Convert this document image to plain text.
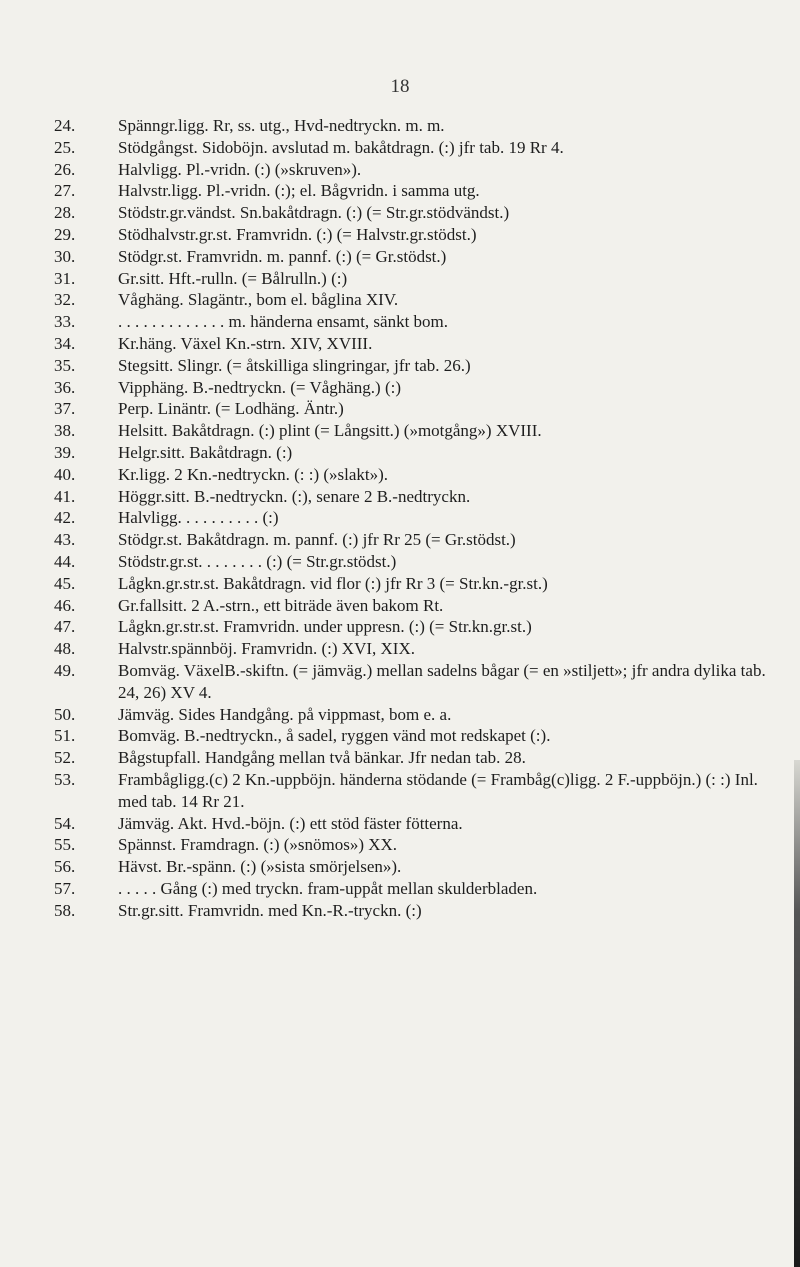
18
24.	Spänngr.ligg. Rr, ss. utg., Hvd-nedtryckn. m. m.
25.	Stödgångst. Sidoböjn. avslutad m. bakåtdragn. (:) jfr tab. 19 Rr 4.
26.	Halvligg. Pl.-vridn. (:) (»skruven»).
27.	Halvstr.ligg. Pl.-vridn. (:); el. Bågvridn. i samma utg.
28.	Stödstr.gr.vändst. Sn.bakåtdragn. (:) (= Str.gr.stödvändst.)
29.	Stödhalvstr.gr.st. Framvridn. (:) (= Halvstr.gr.stödst.)
30.	Stödgr.st. Framvridn. m. pannf. (:) (= Gr.stödst.)
31.	Gr.sitt. Hft.-rulln. (= Bålrulln.) (:)
32.	Våghäng. Slagäntr., bom el. båglina XIV.
33.	. . . . . . . . . . . . . m. händerna ensamt, sänkt bom.
34.	Kr.häng. Växel Kn.-strn. XIV, XVIII.
35.	Stegsitt. Slingr. (= åtskilliga slingringar, jfr tab. 26.)
36.	Vipphäng. B.-nedtryckn. (= Våghäng.) (:)
37.	Perp. Linäntr. (= Lodhäng. Äntr.)
38.	Helsitt. Bakåtdragn. (:) plint (= Långsitt.) (»motgång») XVIII.
39.	Helgr.sitt. Bakåtdragn. (:)
40.	Kr.ligg. 2 Kn.-nedtryckn. (: :) (»slakt»).
41.	Höggr.sitt. B.-nedtryckn. (:), senare 2 B.-nedtryckn.
42.	Halvligg. . . . . . . . . . (:)
43.	Stödgr.st. Bakåtdragn. m. pannf. (:) jfr Rr 25 (= Gr.stödst.)
44.	Stödstr.gr.st. . . . . . . . (:) (= Str.gr.stödst.)
45.	Lågkn.gr.str.st. Bakåtdragn. vid flor (:) jfr Rr 3 (= Str.kn.-gr.st.)
46.	Gr.fallsitt. 2 A.-strn., ett biträde även bakom Rt.
47.	Lågkn.gr.str.st. Framvridn. under uppresn. (:) (= Str.kn.gr.st.)
48.	Halvstr.spännböj. Framvridn. (:) XVI, XIX.
49.	Bomväg. VäxelB.-skiftn. (= jämväg.) mellan sadelns bågar (= en »stiljett»; jfr andra dylika tab. 24, 26) XV 4.
50.	Jämväg. Sides Handgång. på vippmast, bom e. a.
51.	Bomväg. B.-nedtryckn., å sadel, ryggen vänd mot redskapet (:).
52.	Bågstupfall. Handgång mellan två bänkar. Jfr nedan tab. 28.
53.	Frambågligg.(c) 2 Kn.-uppböjn. händerna stödande (= Frambåg(c)ligg. 2 F.-uppböjn.) (: :) Inl. med tab. 14 Rr 21.
54.	Jämväg. Akt. Hvd.-böjn. (:) ett stöd fäster fötterna.
55.	Spännst. Framdragn. (:) (»snömos») XX.
56.	Hävst. Br.-spänn. (:) (»sista smörjelsen»).
57.	. . . . . Gång (:) med tryckn. fram-uppåt mellan skulderbladen.
58.	Str.gr.sitt. Framvridn. med Kn.-R.-tryckn. (:)
